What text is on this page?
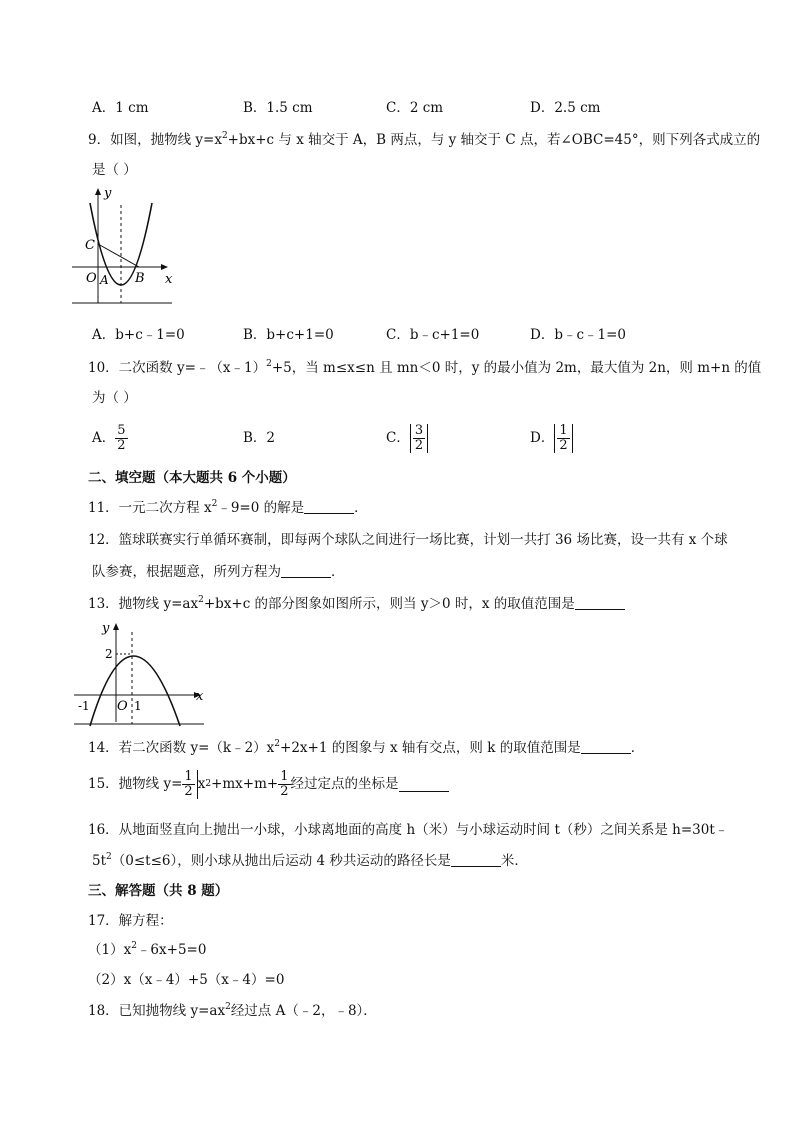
A．1 cm	B．1.5 cm	C．2 cm	D．2.5 cm
9．如图，抛物线 $y=x^2+bx+c$ 与 x 轴交于 A，B 两点，与 y 轴交于 C 点，若∠OBC=45°，则下列各式成立的
是（ ）
y
x
C
O A B
A．b+c﹣1=0	B．b+c+1=0	C．b﹣c+1=0	D．b﹣c﹣1=0
10．二次函数 y=﹣（x﹣1）$^2$+5，当 m≤x≤n 且 mn＜0 时，y 的最小值为 2m，最大值为 2n，则 m+n 的值
为（ ）
A． $\frac{5}{2}$	B．2	C． $\frac{3}{2}$	D． $\frac{1}{2}$
二、填空题（本大题共 6 个小题）
11．一元二次方程 $x^2﹣9=0$ 的解是	．
12．篮球联赛实行单循环赛制，即每两个球队之间进行一场比赛，计划一共打 36 场比赛，设一共有 x 个球
队参赛，根据题意，所列方程为	．
13．抛物线 $y=ax^2+bx+c$ 的部分图象如图所示，则当 y＞0 时，x 的取值范围是
y
x
2
-1 O 1
14．若二次函数 $y=(k﹣2)x^2+2x+1$ 的图象与 x 轴有交点，则 k 的取值范围是	．
15．抛物线 $y= \frac{1}{2}$ x $2 +mx+m+ \frac{1}{2}$ 经过定点的坐标是
16．从地面竖直向上抛出一小球，小球离地面的高度 h（米）与小球运动时间 t（秒）之间关系是 h=30t﹣
$5t^2(0\le t\le 6)$，则小球从抛出后运动 4 秒共运动的路径长是	米．
三、解答题（共 8 题）
17．解方程：
$(1)x^2﹣6x+5=0$
（2）x（x﹣4）+5（x﹣4）=0
18．已知抛物线 $y=ax^2$经过点 A（﹣2，﹣8）．
